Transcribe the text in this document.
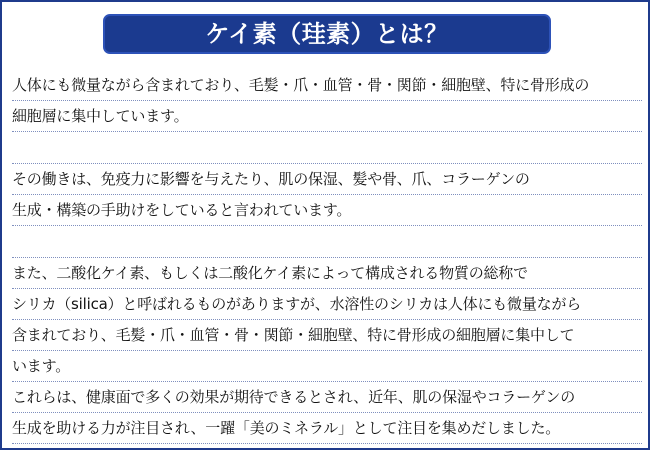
ケイ素（珪素）とは？
人体にも微量ながら含まれており、毛髪・爪・血管・骨・関節・細胞壁、特に骨形成の
細胞層に集中しています。
その働きは、免疫力に影響を与えたり、肌の保湿、髪や骨、爪、コラーゲンの
生成・構築の手助けをしていると言われています。
また、二酸化ケイ素、もしくは二酸化ケイ素によって構成される物質の総称で
シリカ（silica）と呼ばれるものがありますが、水溶性のシリカは人体にも微量ながら
含まれており、毛髪・爪・血管・骨・関節・細胞壁、特に骨形成の細胞層に集中して
います。
これらは、健康面で多くの効果が期待できるとされ、近年、肌の保湿やコラーゲンの
生成を助ける力が注目され、一躍「美のミネラル」として注目を集めだしました。
